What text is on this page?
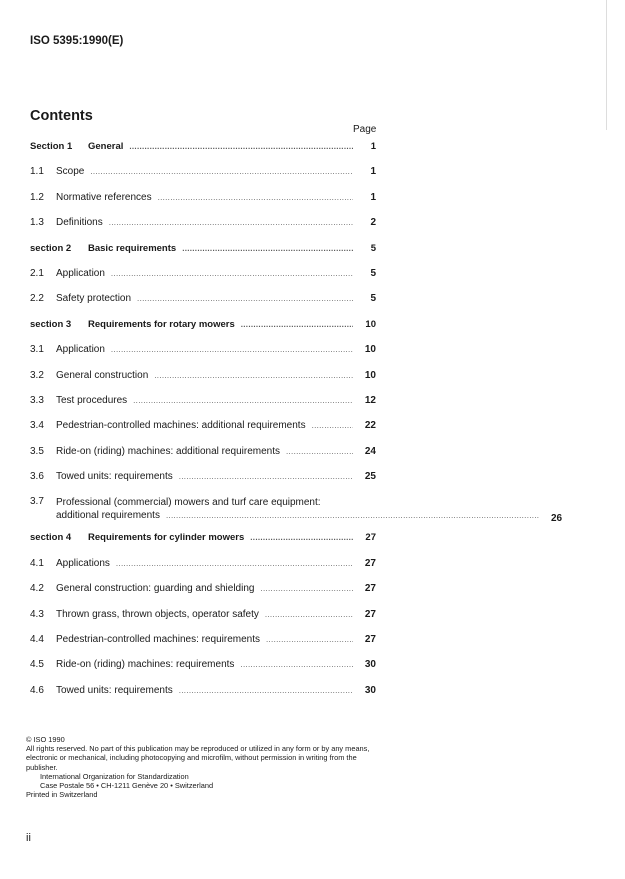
ISO 5395:1990(E)
Contents
Page
Section 1	General .....	1
1.1	Scope .....	1
1.2	Normative references .....	1
1.3	Definitions .....	2
section 2	Basic requirements .....	5
2.1	Application .....	5
2.2	Safety protection .....	5
section 3	Requirements for rotary mowers .....	10
3.1	Application .....	10
3.2	General construction .....	10
3.3	Test procedures .....	12
3.4	Pedestrian-controlled machines: additional requirements .....	22
3.5	Ride-on (riding) machines: additional requirements .....	24
3.6	Towed units: requirements .....	25
3.7	Professional (commercial) mowers and turf care equipment:
additional requirements .....	26
section 4	Requirements for cylinder mowers .....	27
4.1	Applications .....	27
4.2	General construction: guarding and shielding .....	27
4.3	Thrown grass, thrown objects, operator safety .....	27
4.4	Pedestrian-controlled machines: requirements .....	27
4.5	Ride-on (riding) machines: requirements .....	30
4.6	Towed units: requirements .....	30

© ISO 1990

All rights reserved. No part of this publication may be reproduced or utilized in any form or by any means, electronic or mechanical, including photocopying and microfilm, without permission in writing from the publisher.

International Organization for Standardization

Case Postale 56 • CH-1211 Genève 20 • Switzerland

Printed in Switzerland

ii
